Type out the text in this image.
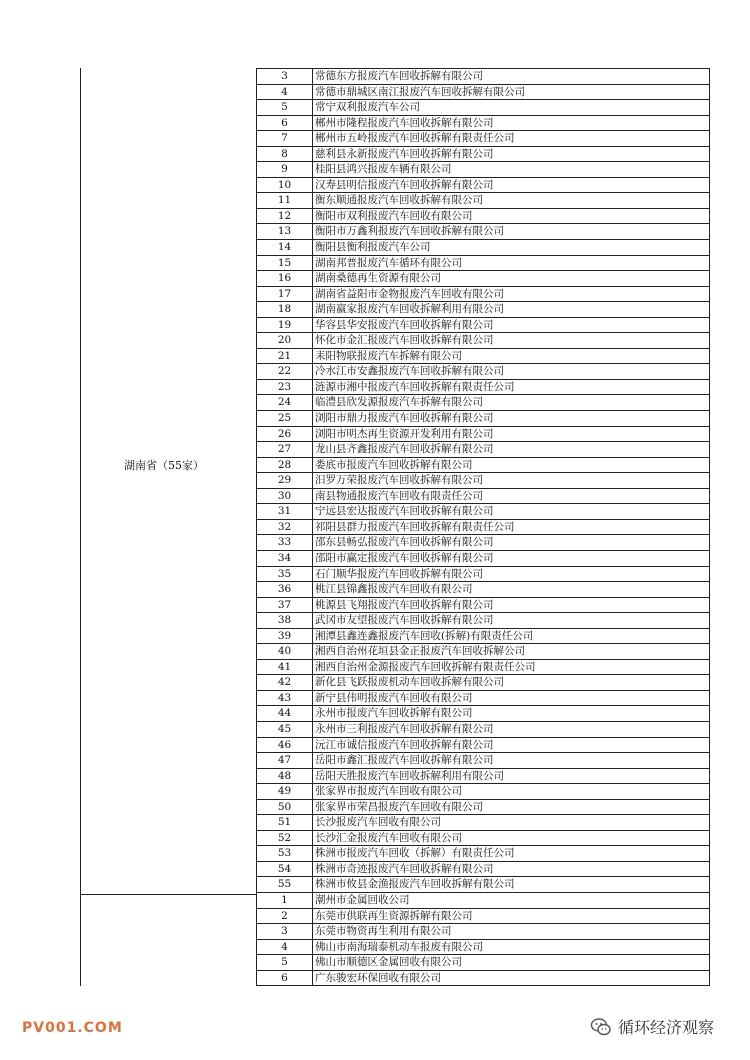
湖南省（55家）
3	常德东方报废汽车回收拆解有限公司
4	常德市鼎城区南江报废汽车回收拆解有限公司
5	常宁双利报废汽车公司
6	郴州市隆程报废汽车回收拆解有限公司
7	郴州市五岭报废汽车回收拆解有限责任公司
8	慈利县永新报废汽车回收拆解有限公司
9	桂阳县鸿兴报废车辆有限公司
10	汉寿县明信报废汽车回收拆解有限公司
11	衡东顺通报废汽车回收拆解有限公司
12	衡阳市双利报废汽车回收有限公司
13	衡阳市万鑫利报废汽车回收拆解有限公司
14	衡阳县衡利报废汽车公司
15	湖南邦普报废汽车循环有限公司
16	湖南桑德再生资源有限公司
17	湖南省益阳市金物报废汽车回收有限公司
18	湖南嬴家报废汽车回收拆解利用有限公司
19	华容县华安报废汽车回收拆解有限公司
20	怀化市金汇报废汽车回收拆解有限公司
21	耒阳物联报废汽车拆解有限公司
22	冷水江市安鑫报废汽车回收拆解有限公司
23	涟源市湘中报废汽车回收拆解有限责任公司
24	临澧县欣发源报废汽车拆解有限公司
25	浏阳市鼎力报废汽车回收拆解有限公司
26	浏阳市明杰再生资源开发利用有限公司
27	龙山县齐鑫报废汽车回收拆解有限公司
28	娄底市报废汽车回收拆解有限公司
29	汨罗万荣报废汽车回收拆解有限公司
30	南县物通报废汽车回收有限责任公司
31	宁远县宏达报废汽车回收拆解有限公司
32	祁阳县群力报废汽车回收拆解有限责任公司
33	邵东县畅弘报废汽车回收拆解有限公司
34	邵阳市赢定报废汽车回收拆解有限公司
35	石门顺华报废汽车回收拆解有限公司
36	桃江县锦鑫报废汽车回收有限公司
37	桃源县飞翔报废汽车回收拆解有限公司
38	武冈市友望报废汽车回收拆解有限公司
39	湘潭县鑫连鑫报废汽车回收(拆解)有限责任公司
40	湘西自治州花垣县金正报废汽车回收拆解公司
41	湘西自治州金源报废汽车回收拆解有限责任公司
42	新化县飞跃报废机动车回收拆解有限公司
43	新宁县伟明报废汽车回收有限公司
44	永州市报废汽车回收拆解有限公司
45	永州市三利报废汽车回收拆解有限公司
46	沅江市诚信报废汽车回收拆解有限公司
47	岳阳市鑫汇报废汽车回收拆解有限公司
48	岳阳天胜报废汽车回收拆解利用有限公司
49	张家界市报废汽车回收有限公司
50	张家界市荣昌报废汽车回收有限公司
51	长沙报废汽车回收有限公司
52	长沙汇金报废汽车回收有限公司
53	株洲市报废汽车回收（拆解）有限责任公司
54	株洲市奇迹报废汽车回收拆解有限公司
55	株洲市攸县金渔报废汽车回收拆解有限公司
1	潮州市金属回收公司
2	东莞市供联再生资源拆解有限公司
3	东莞市物资再生利用有限公司
4	佛山市南海瑞泰机动车报废有限公司
5	佛山市顺德区金属回收有限公司
6	广东骏宏环保回收有限公司
PV001.COM	循环经济观察
